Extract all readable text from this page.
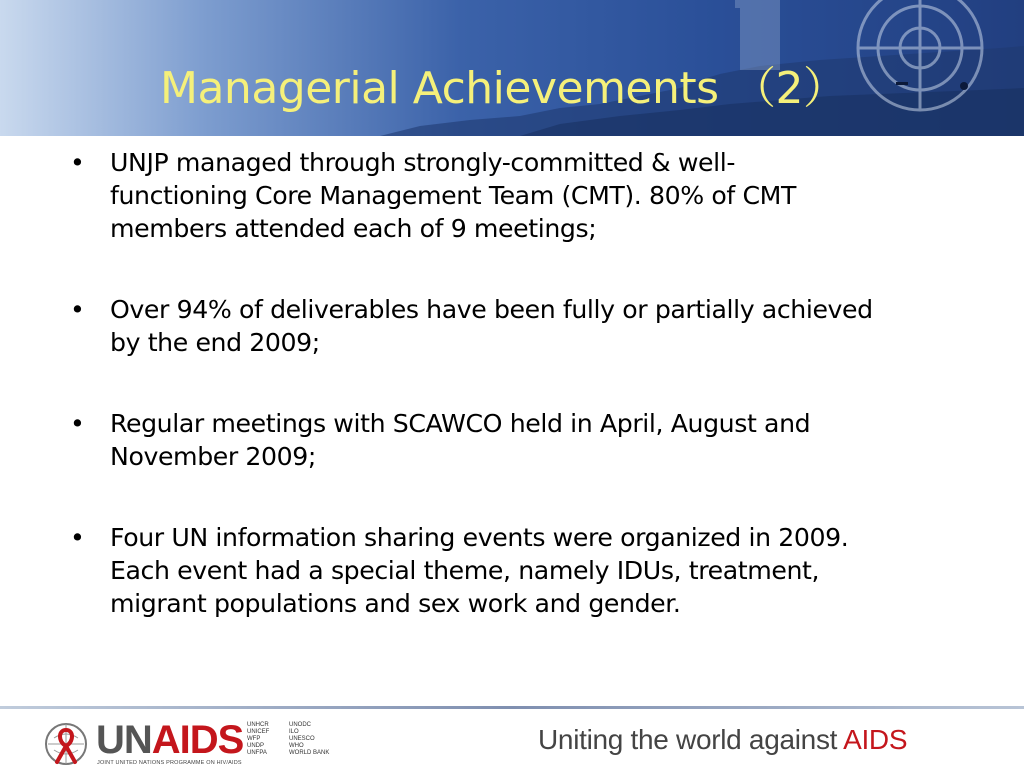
Managerial Achievements （2）
• UNJP managed through strongly-committed & well-
functioning Core Management Team (CMT). 80% of CMT
members attended each of 9 meetings;
• Over 94% of deliverables have been fully or partially achieved
by the end 2009;
• Regular meetings with SCAWCO held in April, August and
November 2009;
• Four UN information sharing events were organized in 2009.
Each event had a special theme, namely IDUs, treatment,
migrant populations and sex work and gender.
UNAIDS
JOINT UNITED NATIONS PROGRAMME ON HIV/AIDS
UNHCR	UNODC
UNICEF	ILO
WFP	UNESCO
UNDP	WHO
UNFPA	WORLD BANK	Uniting the world against AIDS
